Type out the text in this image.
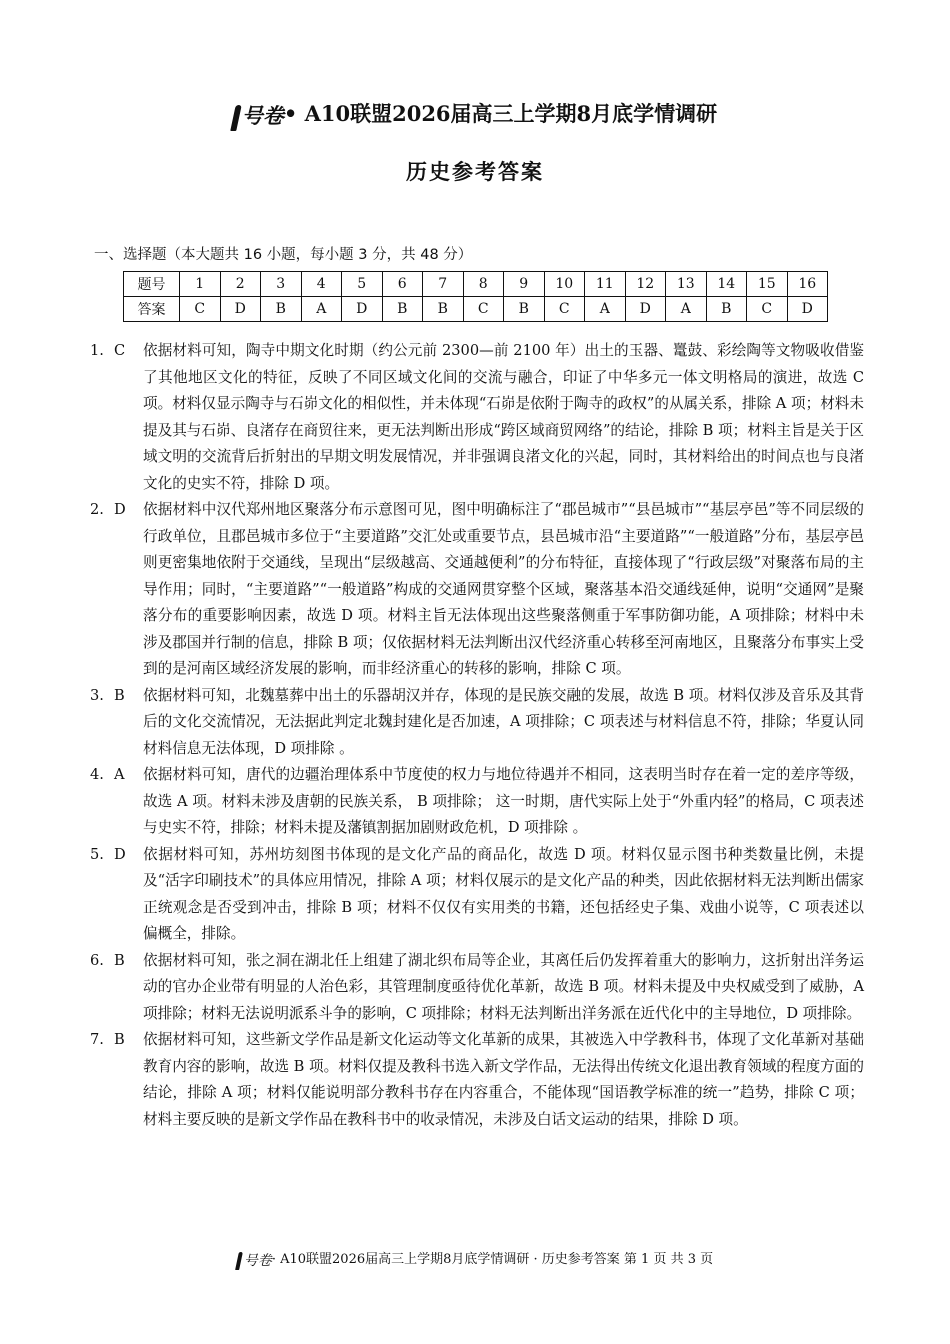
号卷• A10联盟2026届高三上学期8月底学情调研
历史参考答案
一、选择题（本大题共 16 小题，每小题 3 分，共 48 分）
题号	1	2	3	4	5	6	7	8	9	10	11	12	13	14	15	16
答案	C	D	B	A	D	B	B	C	B	C	A	D	A	B	C	D
1. C 依据材料可知，陶寺中期文化时期（约公元前 2300—前 2100 年）出土的玉器、鼍鼓、彩绘陶等文物吸收借鉴了其他地区文化的特征，反映了不同区域文化间的交流与融合，印证了中华多元一体文明格局的演进，故选 C 项。材料仅显示陶寺与石峁文化的相似性，并未体现“石峁是依附于陶寺的政权”的从属关系，排除 A 项；材料未提及其与石峁、良渚存在商贸往来，更无法判断出形成“跨区域商贸网络”的结论，排除 B 项；材料主旨是关于区域文明的交流背后折射出的早期文明发展情况，并非强调良渚文化的兴起，同时，其材料给出的时间点也与良渚文化的史实不符，排除 D 项。
2. D 依据材料中汉代郑州地区聚落分布示意图可见，图中明确标注了“郡邑城市”“县邑城市”“基层亭邑”等不同层级的行政单位，且郡邑城市多位于“主要道路”交汇处或重要节点，县邑城市沿“主要道路”“一般道路”分布，基层亭邑则更密集地依附于交通线，呈现出“层级越高、交通越便利”的分布特征，直接体现了“行政层级”对聚落布局的主导作用；同时，“主要道路”“一般道路”构成的交通网贯穿整个区域，聚落基本沿交通线延伸，说明“交通网”是聚落分布的重要影响因素，故选 D 项。材料主旨无法体现出这些聚落侧重于军事防御功能，A 项排除；材料中未涉及郡国并行制的信息，排除 B 项；仅依据材料无法判断出汉代经济重心转移至河南地区，且聚落分布事实上受到的是河南区域经济发展的影响，而非经济重心的转移的影响，排除 C 项。
3. B 依据材料可知，北魏墓葬中出土的乐器胡汉并存，体现的是民族交融的发展，故选 B 项。材料仅涉及音乐及其背后的文化交流情况，无法据此判定北魏封建化是否加速，A 项排除；C 项表述与材料信息不符，排除；华夏认同材料信息无法体现，D 项排除 。
4. A 依据材料可知，唐代的边疆治理体系中节度使的权力与地位待遇并不相同，这表明当时存在着一定的差序等级，故选 A 项。材料未涉及唐朝的民族关系， B 项排除； 这一时期，唐代实际上处于“外重内轻”的格局，C 项表述与史实不符，排除；材料未提及藩镇割据加剧财政危机，D 项排除 。
5. D 依据材料可知，苏州坊刻图书体现的是文化产品的商品化，故选 D 项。材料仅显示图书种类数量比例，未提及“活字印刷技术”的具体应用情况，排除 A 项；材料仅展示的是文化产品的种类，因此依据材料无法判断出儒家正统观念是否受到冲击，排除 B 项；材料不仅仅有实用类的书籍，还包括经史子集、戏曲小说等，C 项表述以偏概全，排除。
6. B 依据材料可知，张之洞在湖北任上组建了湖北织布局等企业，其离任后仍发挥着重大的影响力，这折射出洋务运动的官办企业带有明显的人治色彩，其管理制度亟待优化革新，故选 B 项。材料未提及中央权威受到了威胁，A 项排除；材料无法说明派系斗争的影响，C 项排除；材料无法判断出洋务派在近代化中的主导地位，D 项排除。
7. B 依据材料可知，这些新文学作品是新文化运动等文化革新的成果，其被选入中学教科书，体现了文化革新对基础教育内容的影响，故选 B 项。材料仅提及教科书选入新文学作品，无法得出传统文化退出教育领域的程度方面的结论，排除 A 项；材料仅能说明部分教科书存在内容重合，不能体现“国语教学标准的统一”趋势，排除 C 项；材料主要反映的是新文学作品在教科书中的收录情况，未涉及白话文运动的结果，排除 D 项。
号卷· A10联盟2026届高三上学期8月底学情调研 · 历史参考答案 第 1 页 共 3 页
